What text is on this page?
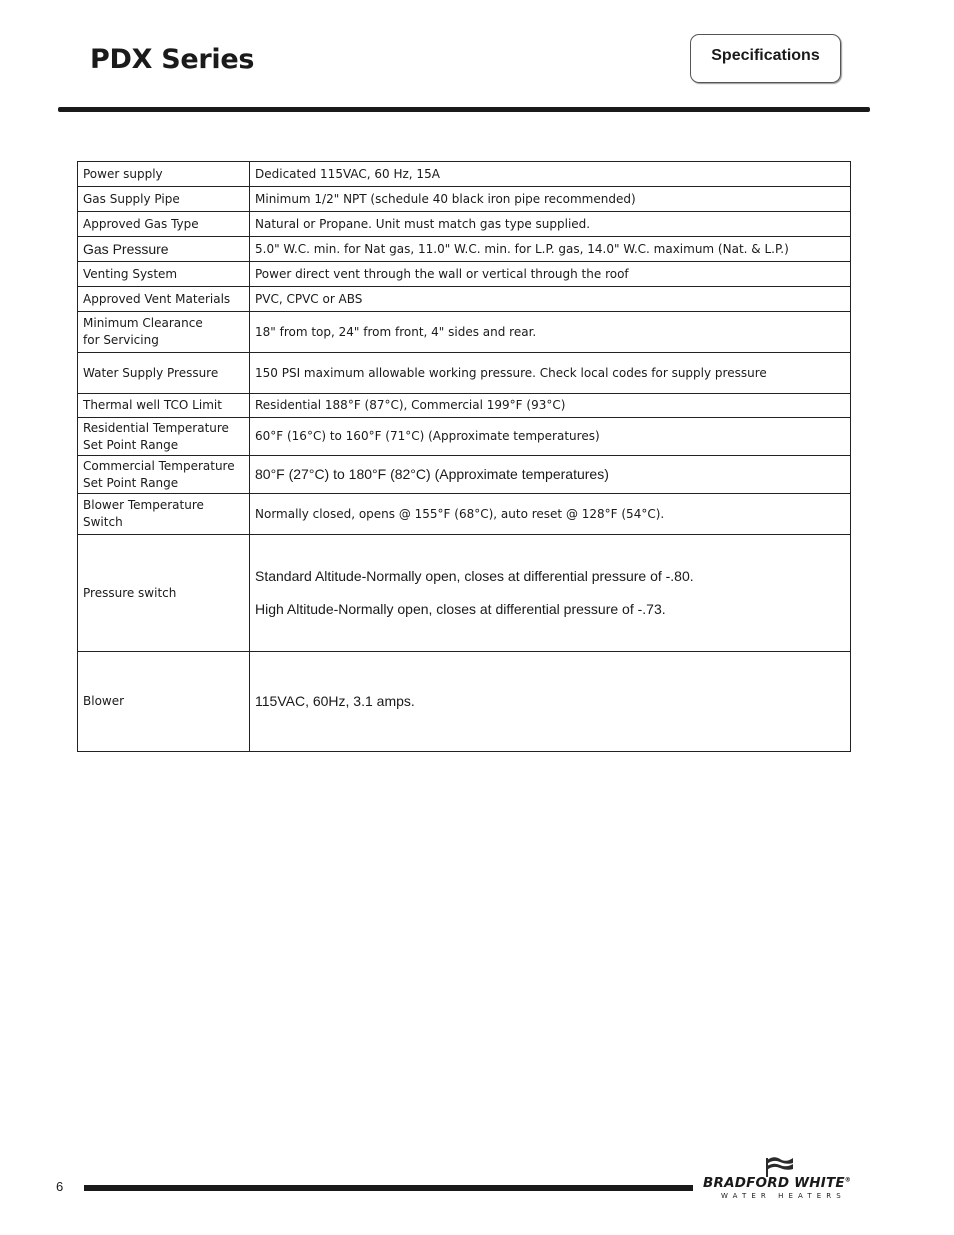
PDX Series	Specifications
Power supply	Dedicated 115VAC, 60 Hz, 15A
Gas Supply Pipe	Minimum 1/2" NPT (schedule 40 black iron pipe recommended)
Approved Gas Type	Natural or Propane. Unit must match gas type supplied.
Gas Pressure	5.0" W.C. min. for Nat gas, 11.0" W.C. min. for L.P. gas, 14.0" W.C. maximum (Nat. & L.P.)
Venting System	Power direct vent through the wall or vertical through the roof
Approved Vent Materials	PVC, CPVC or ABS
Minimum Clearance
for Servicing	18" from top, 24" from front, 4" sides and rear.
Water Supply Pressure	150 PSI maximum allowable working pressure. Check local codes for supply pressure
Thermal well TCO Limit	Residential 188°F (87°C), Commercial 199°F (93°C)
Residential Temperature
Set Point Range	60°F (16°C) to 160°F (71°C) (Approximate temperatures)
Commercial Temperature
Set Point Range	80°F (27°C) to 180°F (82°C) (Approximate temperatures)
Blower Temperature Switch	Normally closed, opens @ 155°F (68°C), auto reset @ 128°F (54°C).
Pressure switch	Standard Altitude-Normally open, closes at differential pressure of -.80.
High Altitude-Normally open, closes at differential pressure of -.73.

Blower	115VAC, 60Hz, 3.1 amps.
6	BRADFORD WHITE®
WATER HEATERS
